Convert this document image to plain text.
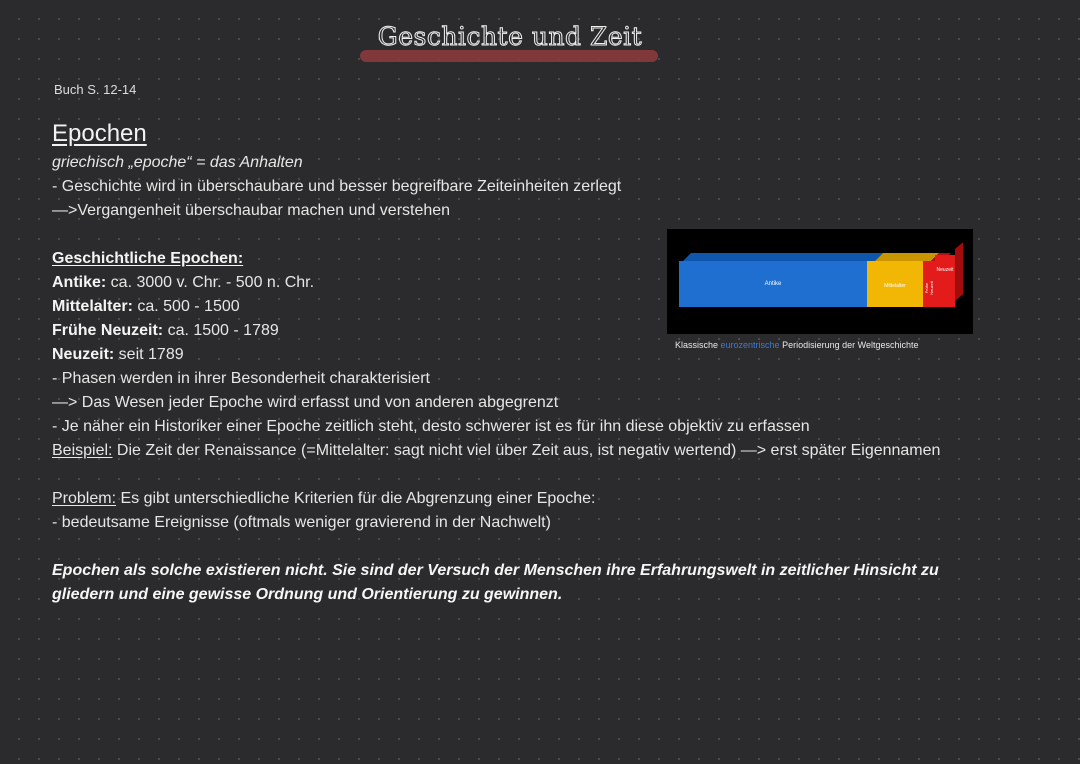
Geschichte und Zeit
Buch S. 12-14
Epochen
griechisch „epoche“ = das Anhalten
- Geschichte wird in überschaubare und besser begreifbare Zeiteinheiten zerlegt
—>Vergangenheit überschaubar machen und verstehen
Geschichtliche Epochen:
Antike: ca. 3000 v. Chr. - 500 n. Chr.
Mittelalter: ca. 500 - 1500
Frühe Neuzeit: ca. 1500 - 1789
Neuzeit: seit 1789
- Phasen werden in ihrer Besonderheit charakterisiert
—> Das Wesen jeder Epoche wird erfasst und von anderen abgegrenzt
- Je näher ein Historiker einer Epoche zeitlich steht, desto schwerer ist es für ihn diese objektiv zu erfassen
Beispiel: Die Zeit der Renaissance (=Mittelalter: sagt nicht viel über Zeit aus, ist negativ wertend) —> erst später Eigennamen
Problem: Es gibt unterschiedliche Kriterien für die Abgrenzung einer Epoche:
- bedeutsame Ereignisse (oftmals weniger gravierend in der Nachwelt)
Epochen als solche existieren nicht. Sie sind der Versuch der Menschen ihre Erfahrungswelt in zeitlicher Hinsicht zu
gliedern und eine gewisse Ordnung und Orientierung zu gewinnen.
Antike	Mittelalter	Frühe Neuzeit
Neuzeit
Klassische eurozentrische Periodisierung der Weltgeschichte
